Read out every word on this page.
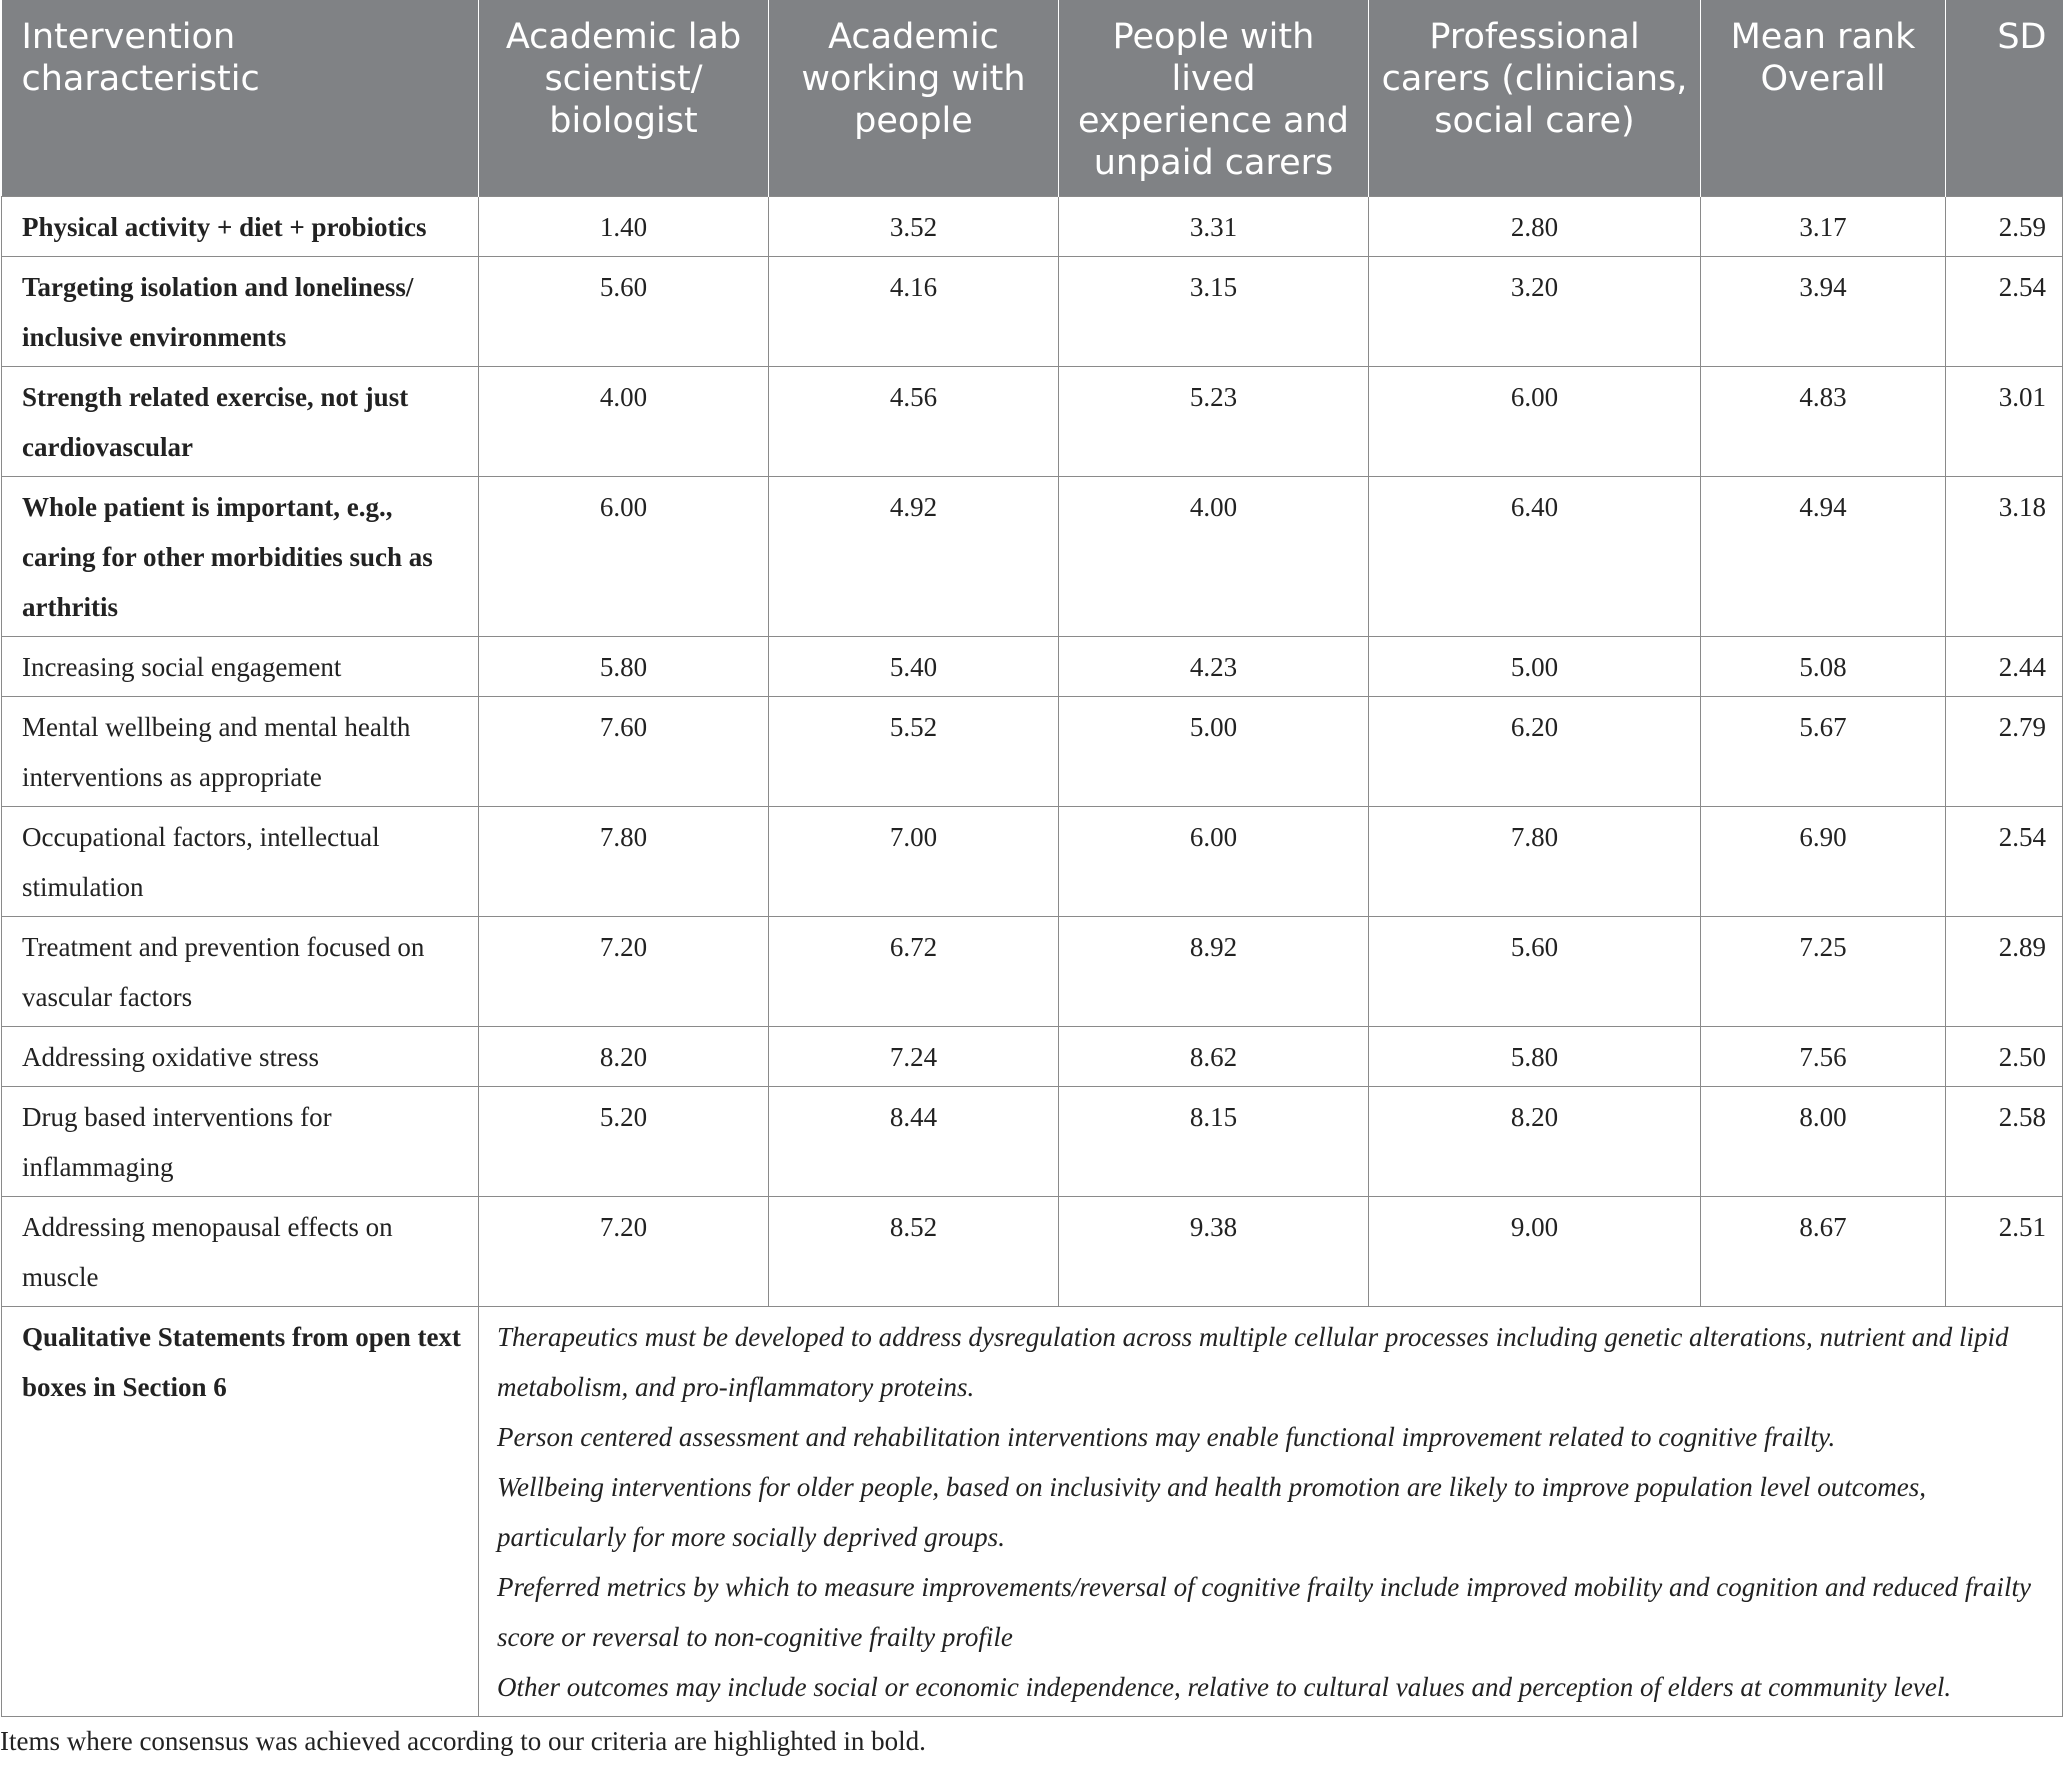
Intervention characteristic	Academic lab scientist/ biologist	Academic working with people	People with lived experience and unpaid carers	Professional carers (clinicians, social care)	Mean rank Overall	SD
Physical activity + diet + probiotics	1.40	3.52	3.31	2.80	3.17	2.59
Targeting isolation and loneliness/ inclusive environments	5.60	4.16	3.15	3.20	3.94	2.54
Strength related exercise, not just cardiovascular	4.00	4.56	5.23	6.00	4.83	3.01
Whole patient is important, e.g., caring for other morbidities such as arthritis	6.00	4.92	4.00	6.40	4.94	3.18
Increasing social engagement	5.80	5.40	4.23	5.00	5.08	2.44
Mental wellbeing and mental health interventions as appropriate	7.60	5.52	5.00	6.20	5.67	2.79
Occupational factors, intellectual stimulation	7.80	7.00	6.00	7.80	6.90	2.54
Treatment and prevention focused on vascular factors	7.20	6.72	8.92	5.60	7.25	2.89
Addressing oxidative stress	8.20	7.24	8.62	5.80	7.56	2.50
Drug based interventions for inflammaging	5.20	8.44	8.15	8.20	8.00	2.58
Addressing menopausal effects on muscle	7.20	8.52	9.38	9.00	8.67	2.51
Qualitative Statements from open text boxes in Section 6	Therapeutics must be developed to address dysregulation across multiple cellular processes including genetic alterations, nutrient and lipid metabolism, and pro-inflammatory proteins.
Person centered assessment and rehabilitation interventions may enable functional improvement related to cognitive frailty.
Wellbeing interventions for older people, based on inclusivity and health promotion are likely to improve population level outcomes, particularly for more socially deprived groups.
Preferred metrics by which to measure improvements/reversal of cognitive frailty include improved mobility and cognition and reduced frailty score or reversal to non-cognitive frailty profile
Other outcomes may include social or economic independence, relative to cultural values and perception of elders at community level.					
Items where consensus was achieved according to our criteria are highlighted in bold.
